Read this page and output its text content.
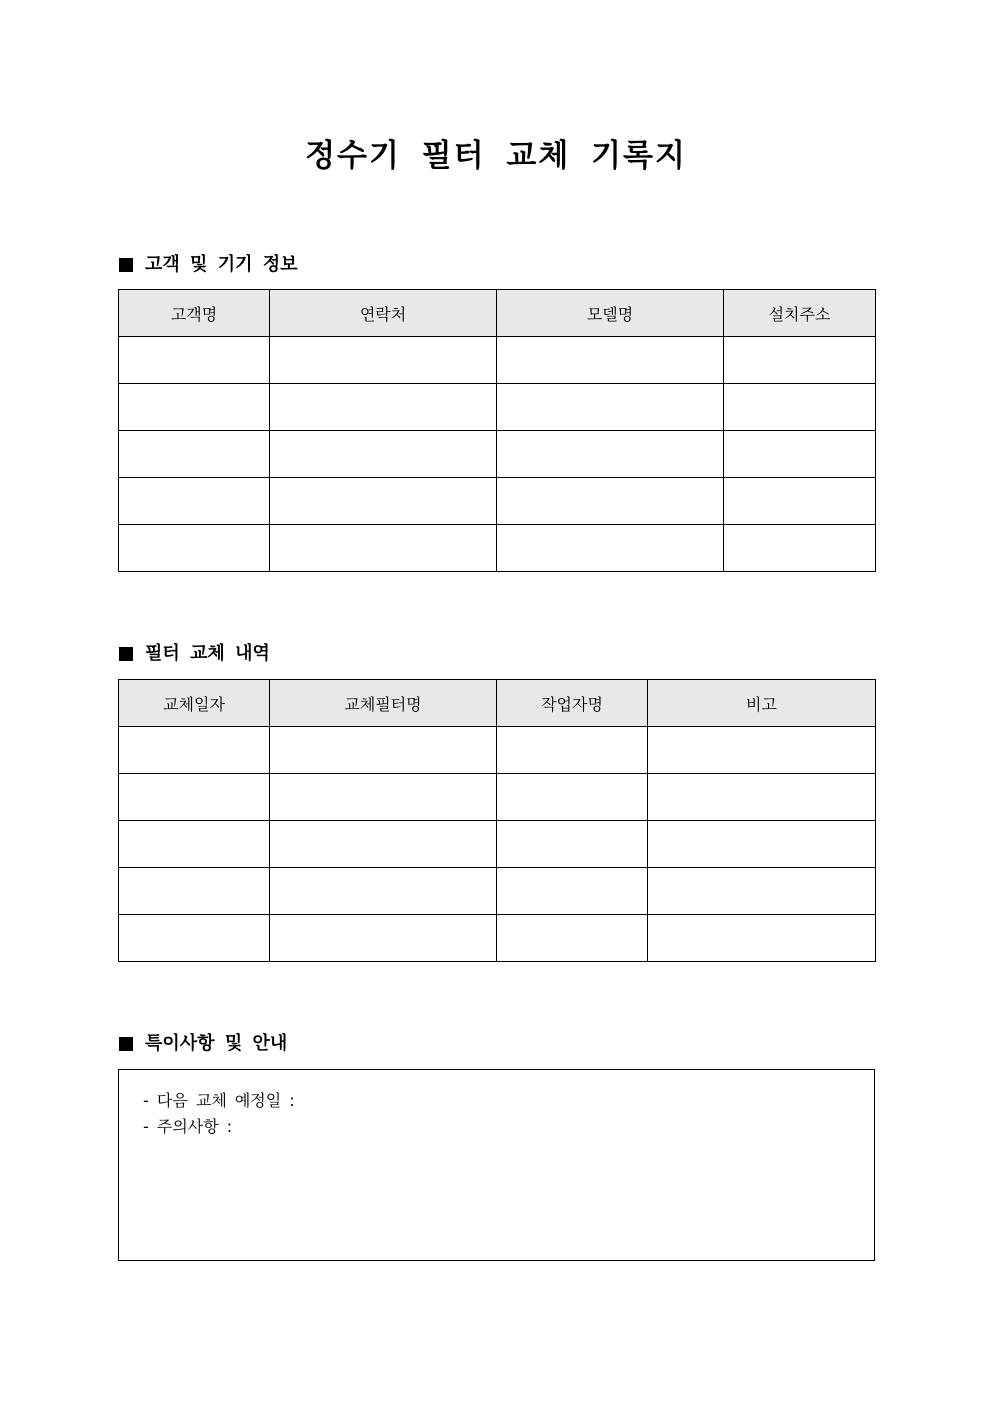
정수기 필터 교체 기록지
고객 및 기기 정보
고객명	연락처	모델명	설치주소

필터 교체 내역
교체일자	교체필터명	작업자명	비고

특이사항 및 안내
- 다음 교체 예정일 :
- 주의사항 :
